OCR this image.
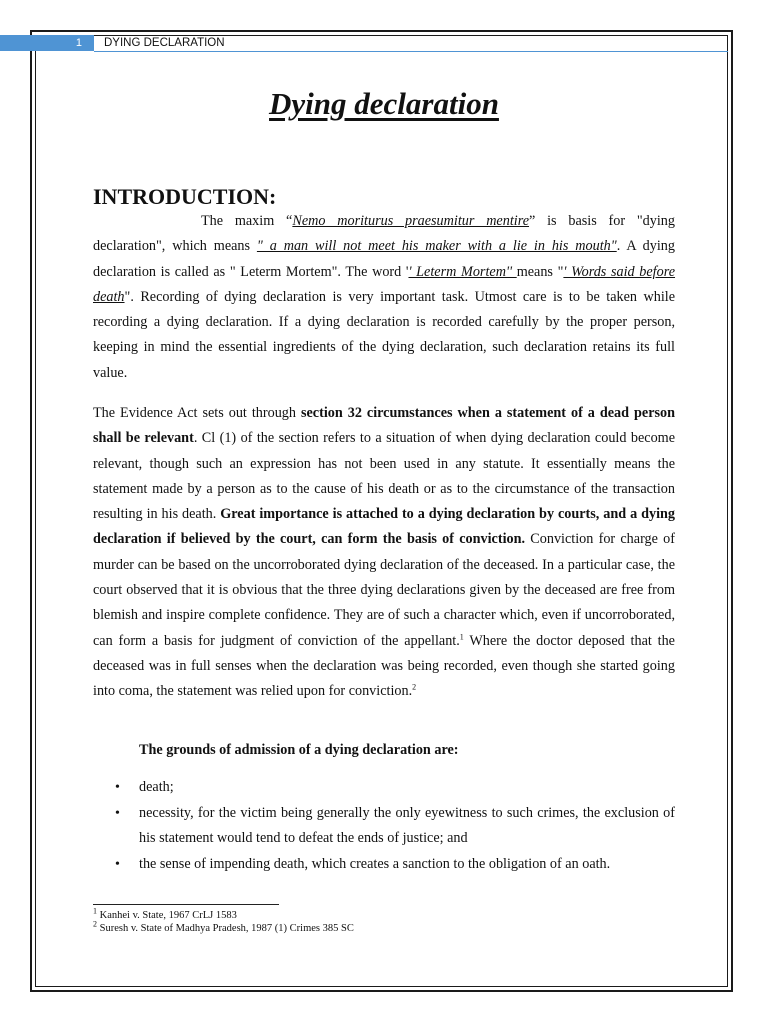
1	DYING DECLARATION
Dying declaration
INTRODUCTION:

The maxim “Nemo moriturus praesumitur mentire” is basis for "dying declaration", which means " a man will not meet his maker with a lie in his mouth". A dying declaration is called as " Leterm Mortem". The word '' Leterm Mortem'' means "' Words said before death". Recording of dying declaration is very important task. Utmost care is to be taken while recording a dying declaration. If a dying declaration is recorded carefully by the proper person, keeping in mind the essential ingredients of the dying declaration, such declaration retains its full value.

The Evidence Act sets out through section 32 circumstances when a statement of a dead person shall be relevant. Cl (1) of the section refers to a situation of when dying declaration could become relevant, though such an expression has not been used in any statute. It essentially means the statement made by a person as to the cause of his death or as to the circumstance of the transaction resulting in his death. Great importance is attached to a dying declaration by courts, and a dying declaration if believed by the court, can form the basis of conviction. Conviction for charge of murder can be based on the uncorroborated dying declaration of the deceased. In a particular case, the court observed that it is obvious that the three dying declarations given by the deceased are free from blemish and inspire complete confidence. They are of such a character which, even if uncorroborated, can form a basis for judgment of conviction of the appellant.$^1$ Where the doctor deposed that the deceased was in full senses when the declaration was being recorded, even though she started going into coma, the statement was relied upon for conviction.$^2$

The grounds of admission of a dying declaration are:
• death;

• necessity, for the victim being generally the only eyewitness to such crimes, the exclusion of his statement would tend to defeat the ends of justice; and

• the sense of impending death, which creates a sanction to the obligation of an oath.

$^1$ Kanhei v. State, 1967 CrLJ 1583
$^2$ Suresh v. State of Madhya Pradesh, 1987 (1) Crimes 385 SC
